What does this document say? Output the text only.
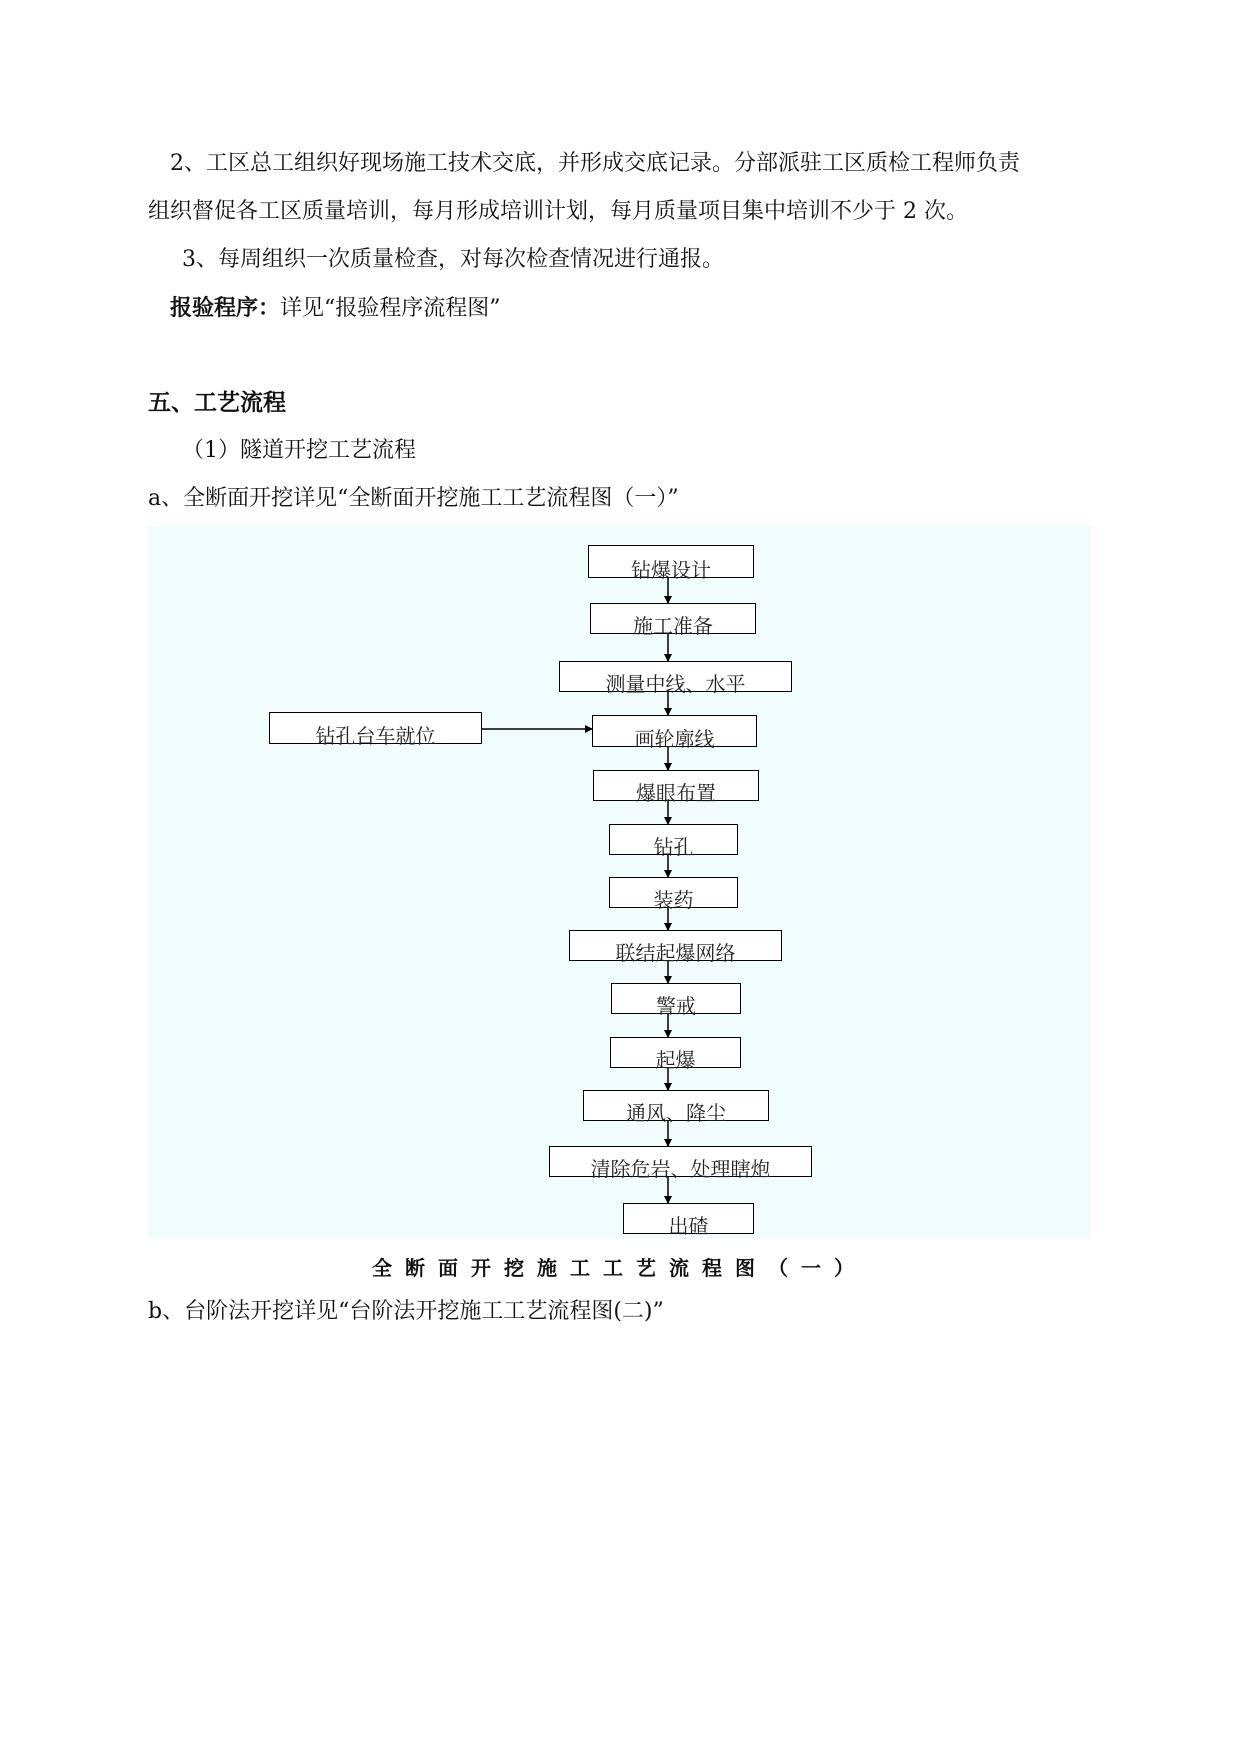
2、工区总工组织好现场施工技术交底，并形成交底记录。分部派驻工区质检工程师负责
组织督促各工区质量培训，每月形成培训计划，每月质量项目集中培训不少于 2 次。
3、每周组织一次质量检查，对每次检查情况进行通报。
报验程序：详见“报验程序流程图”
五、工艺流程
（1）隧道开挖工艺流程
a、全断面开挖详见“全断面开挖施工工艺流程图（一）”
钻爆设计
施工准备
测量中线、水平
画轮廓线
爆眼布置
钻孔
装药
联结起爆网络
警戒
起爆
通风、降尘
清除危岩、处理瞎炮
出碴
钻孔台车就位
全断面开挖施工工艺流程图（一）
b、台阶法开挖详见“台阶法开挖施工工艺流程图(二)”
